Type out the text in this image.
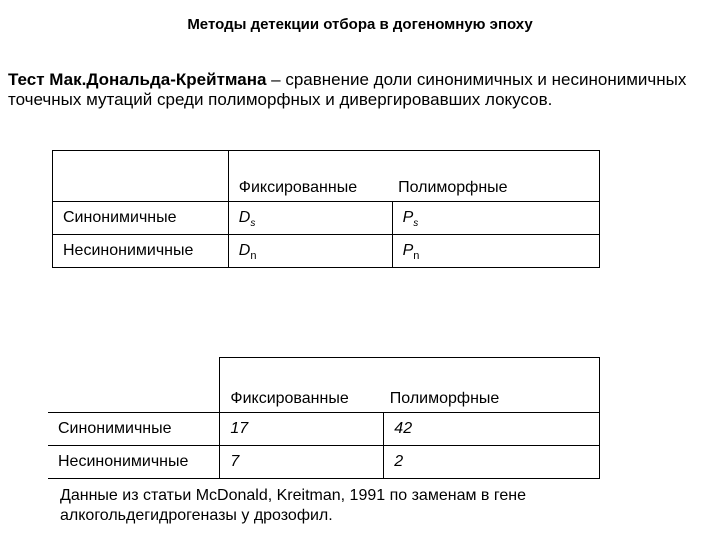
Методы детекции отбора в догеномную эпоху
Тест Мак.Дональда-Крейтмана – сравнение доли синонимичных и несинонимичных точечных мутаций среди полиморфных и дивергировавших локусов.
	Фиксированные	Полиморфные
Синонимичные	$D_s$	$P_s$
Несинонимичные	$D_n$	$P_n$
	Фиксированные	Полиморфные
Синонимичные	17	42
Несинонимичные	7	2
Данные из статьи McDonald, Kreitman, 1991 по заменам в гене алкогольдегидрогеназы у дрозофил.
